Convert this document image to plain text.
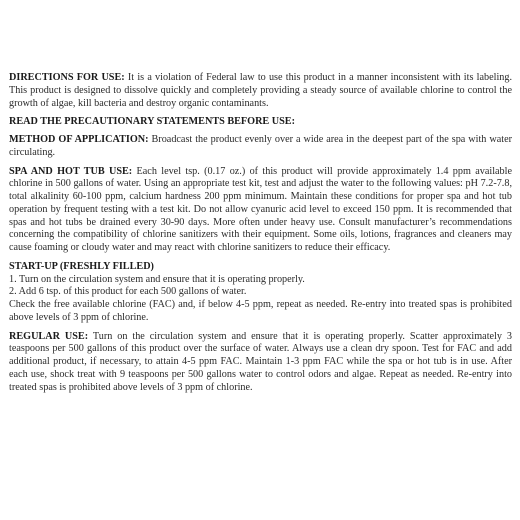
DIRECTIONS FOR USE: It is a violation of Federal law to use this product in a manner inconsistent with its labeling. This product is designed to dissolve quickly and completely providing a steady source of available chlorine to control the growth of algae, kill bacteria and destroy organic contaminants.

READ THE PRECAUTIONARY STATEMENTS BEFORE USE:

METHOD OF APPLICATION: Broadcast the product evenly over a wide area in the deepest part of the spa with water circulating.

SPA AND HOT TUB USE: Each level tsp. (0.17 oz.) of this product will provide approximately 1.4 ppm available chlorine in 500 gallons of water. Using an appropriate test kit, test and adjust the water to the following values: pH 7.2-7.8, total alkalinity 60-100 ppm, calcium hardness 200 ppm minimum. Maintain these conditions for proper spa and hot tub operation by frequent testing with a test kit. Do not allow cyanuric acid level to exceed 150 ppm. It is recommended that spas and hot tubs be drained every 30-90 days. More often under heavy use. Consult manufacturer’s recommendations concerning the compatibility of chlorine sanitizers with their equipment. Some oils, lotions, fragrances and cleaners may cause foaming or cloudy water and may react with chlorine sanitizers to reduce their efficacy.

START-UP (FRESHLY FILLED)
1. Turn on the circulation system and ensure that it is operating properly.
2. Add 6 tsp. of this product for each 500 gallons of water.
Check the free available chlorine (FAC) and, if below 4-5 ppm, repeat as needed. Re-entry into treated spas is prohibited above levels of 3 ppm of chlorine.

REGULAR USE: Turn on the circulation system and ensure that it is operating properly. Scatter approximately 3 teaspoons per 500 gallons of this product over the surface of water. Always use a clean dry spoon. Test for FAC and add additional product, if necessary, to attain 4-5 ppm FAC. Maintain 1-3 ppm FAC while the spa or hot tub is in use. After each use, shock treat with 9 teaspoons per 500 gallons water to control odors and algae. Repeat as needed. Re-entry into treated spas is prohibited above levels of 3 ppm of chlorine.
